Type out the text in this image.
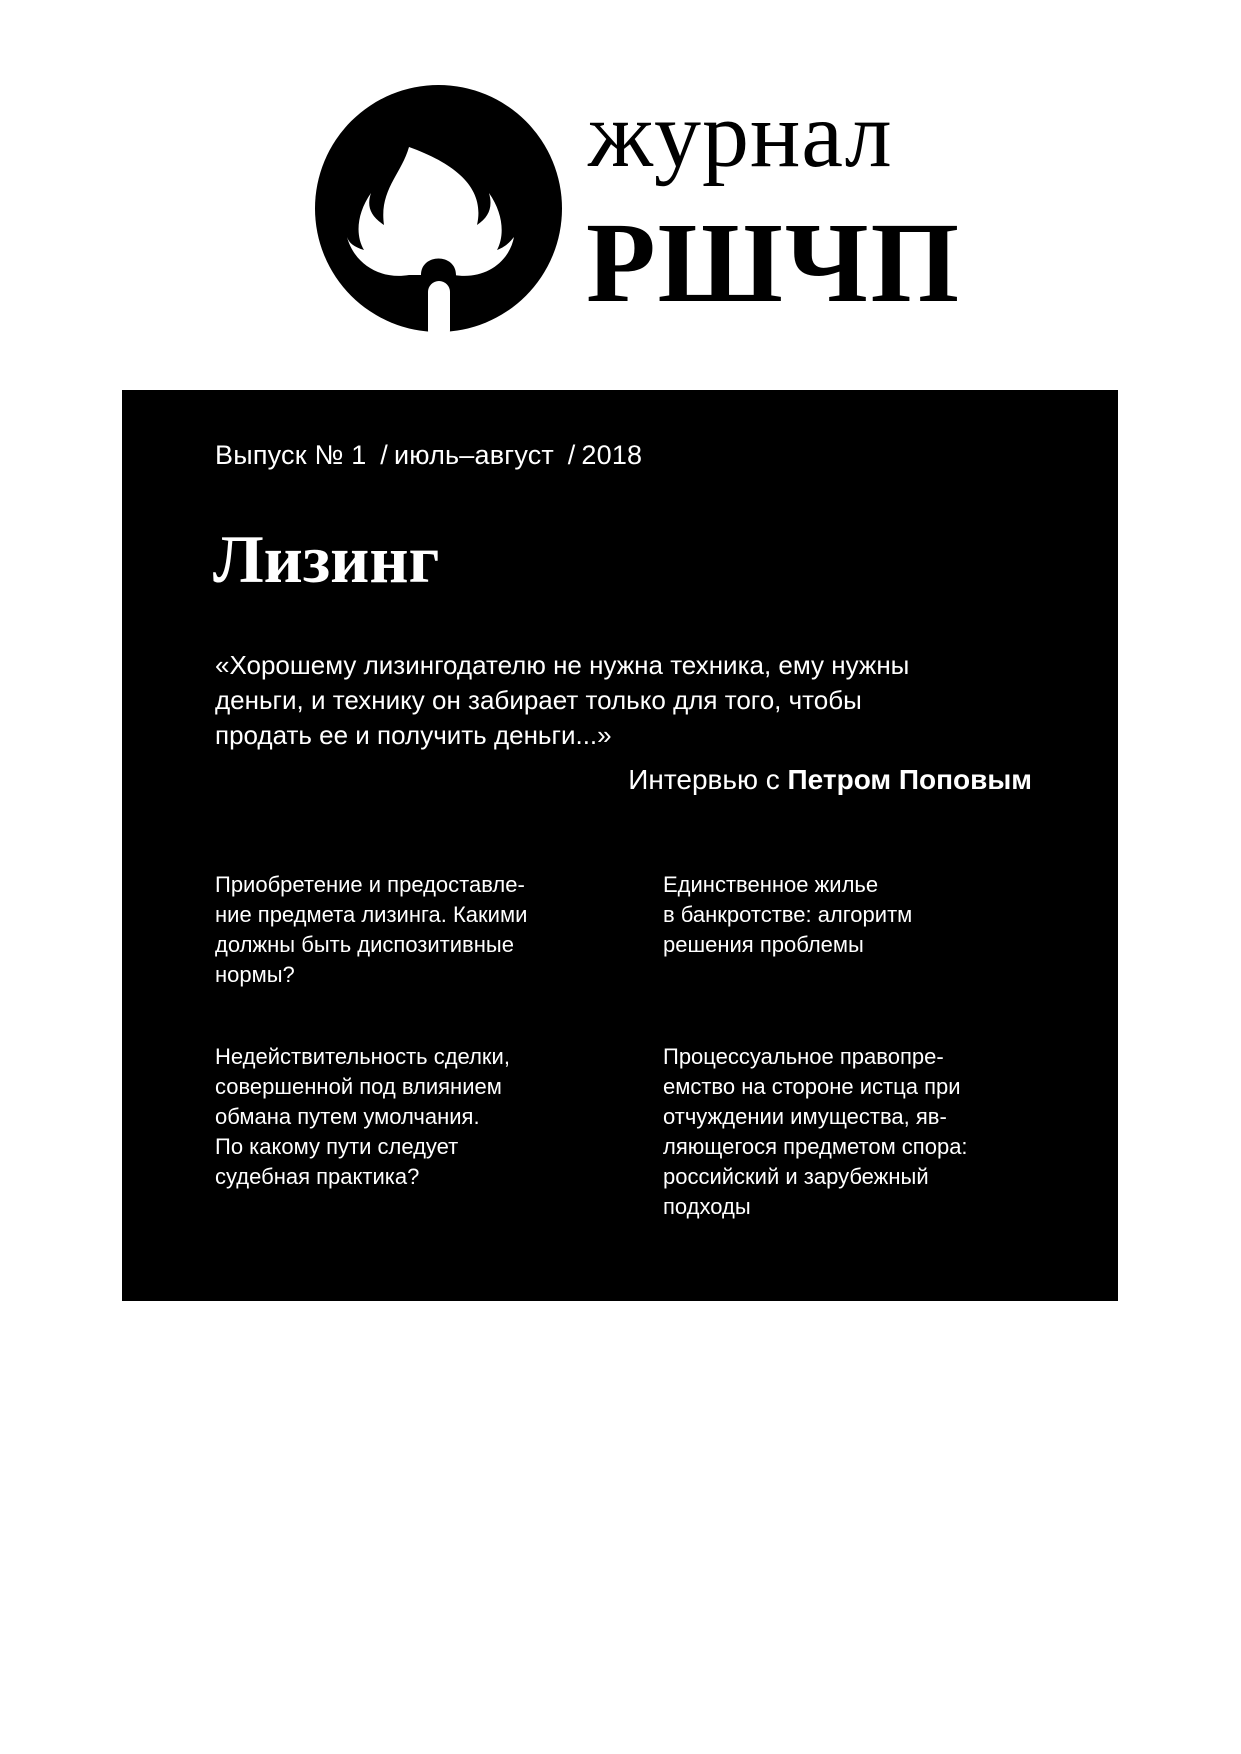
журнал
РШЧП
Выпуск № 1 / июль–август / 2018
Лизинг
«Хорошему лизингодателю не нужна техника, ему нужны
деньги, и технику он забирает только для того, чтобы
продать ее и получить деньги...»
Интервью с Петром Поповым
Приобретение и предоставле-
ние предмета лизинга. Какими
должны быть диспозитивные
нормы?
Единственное жилье
в банкротстве: алгоритм
решения проблемы
Недействительность сделки,
совершенной под влиянием
обмана путем умолчания.
По какому пути следует
судебная практика?
Процессуальное правопре-
емство на стороне истца при
отчуждении имущества, яв-
ляющегося предметом спора:
российский и зарубежный
подходы
